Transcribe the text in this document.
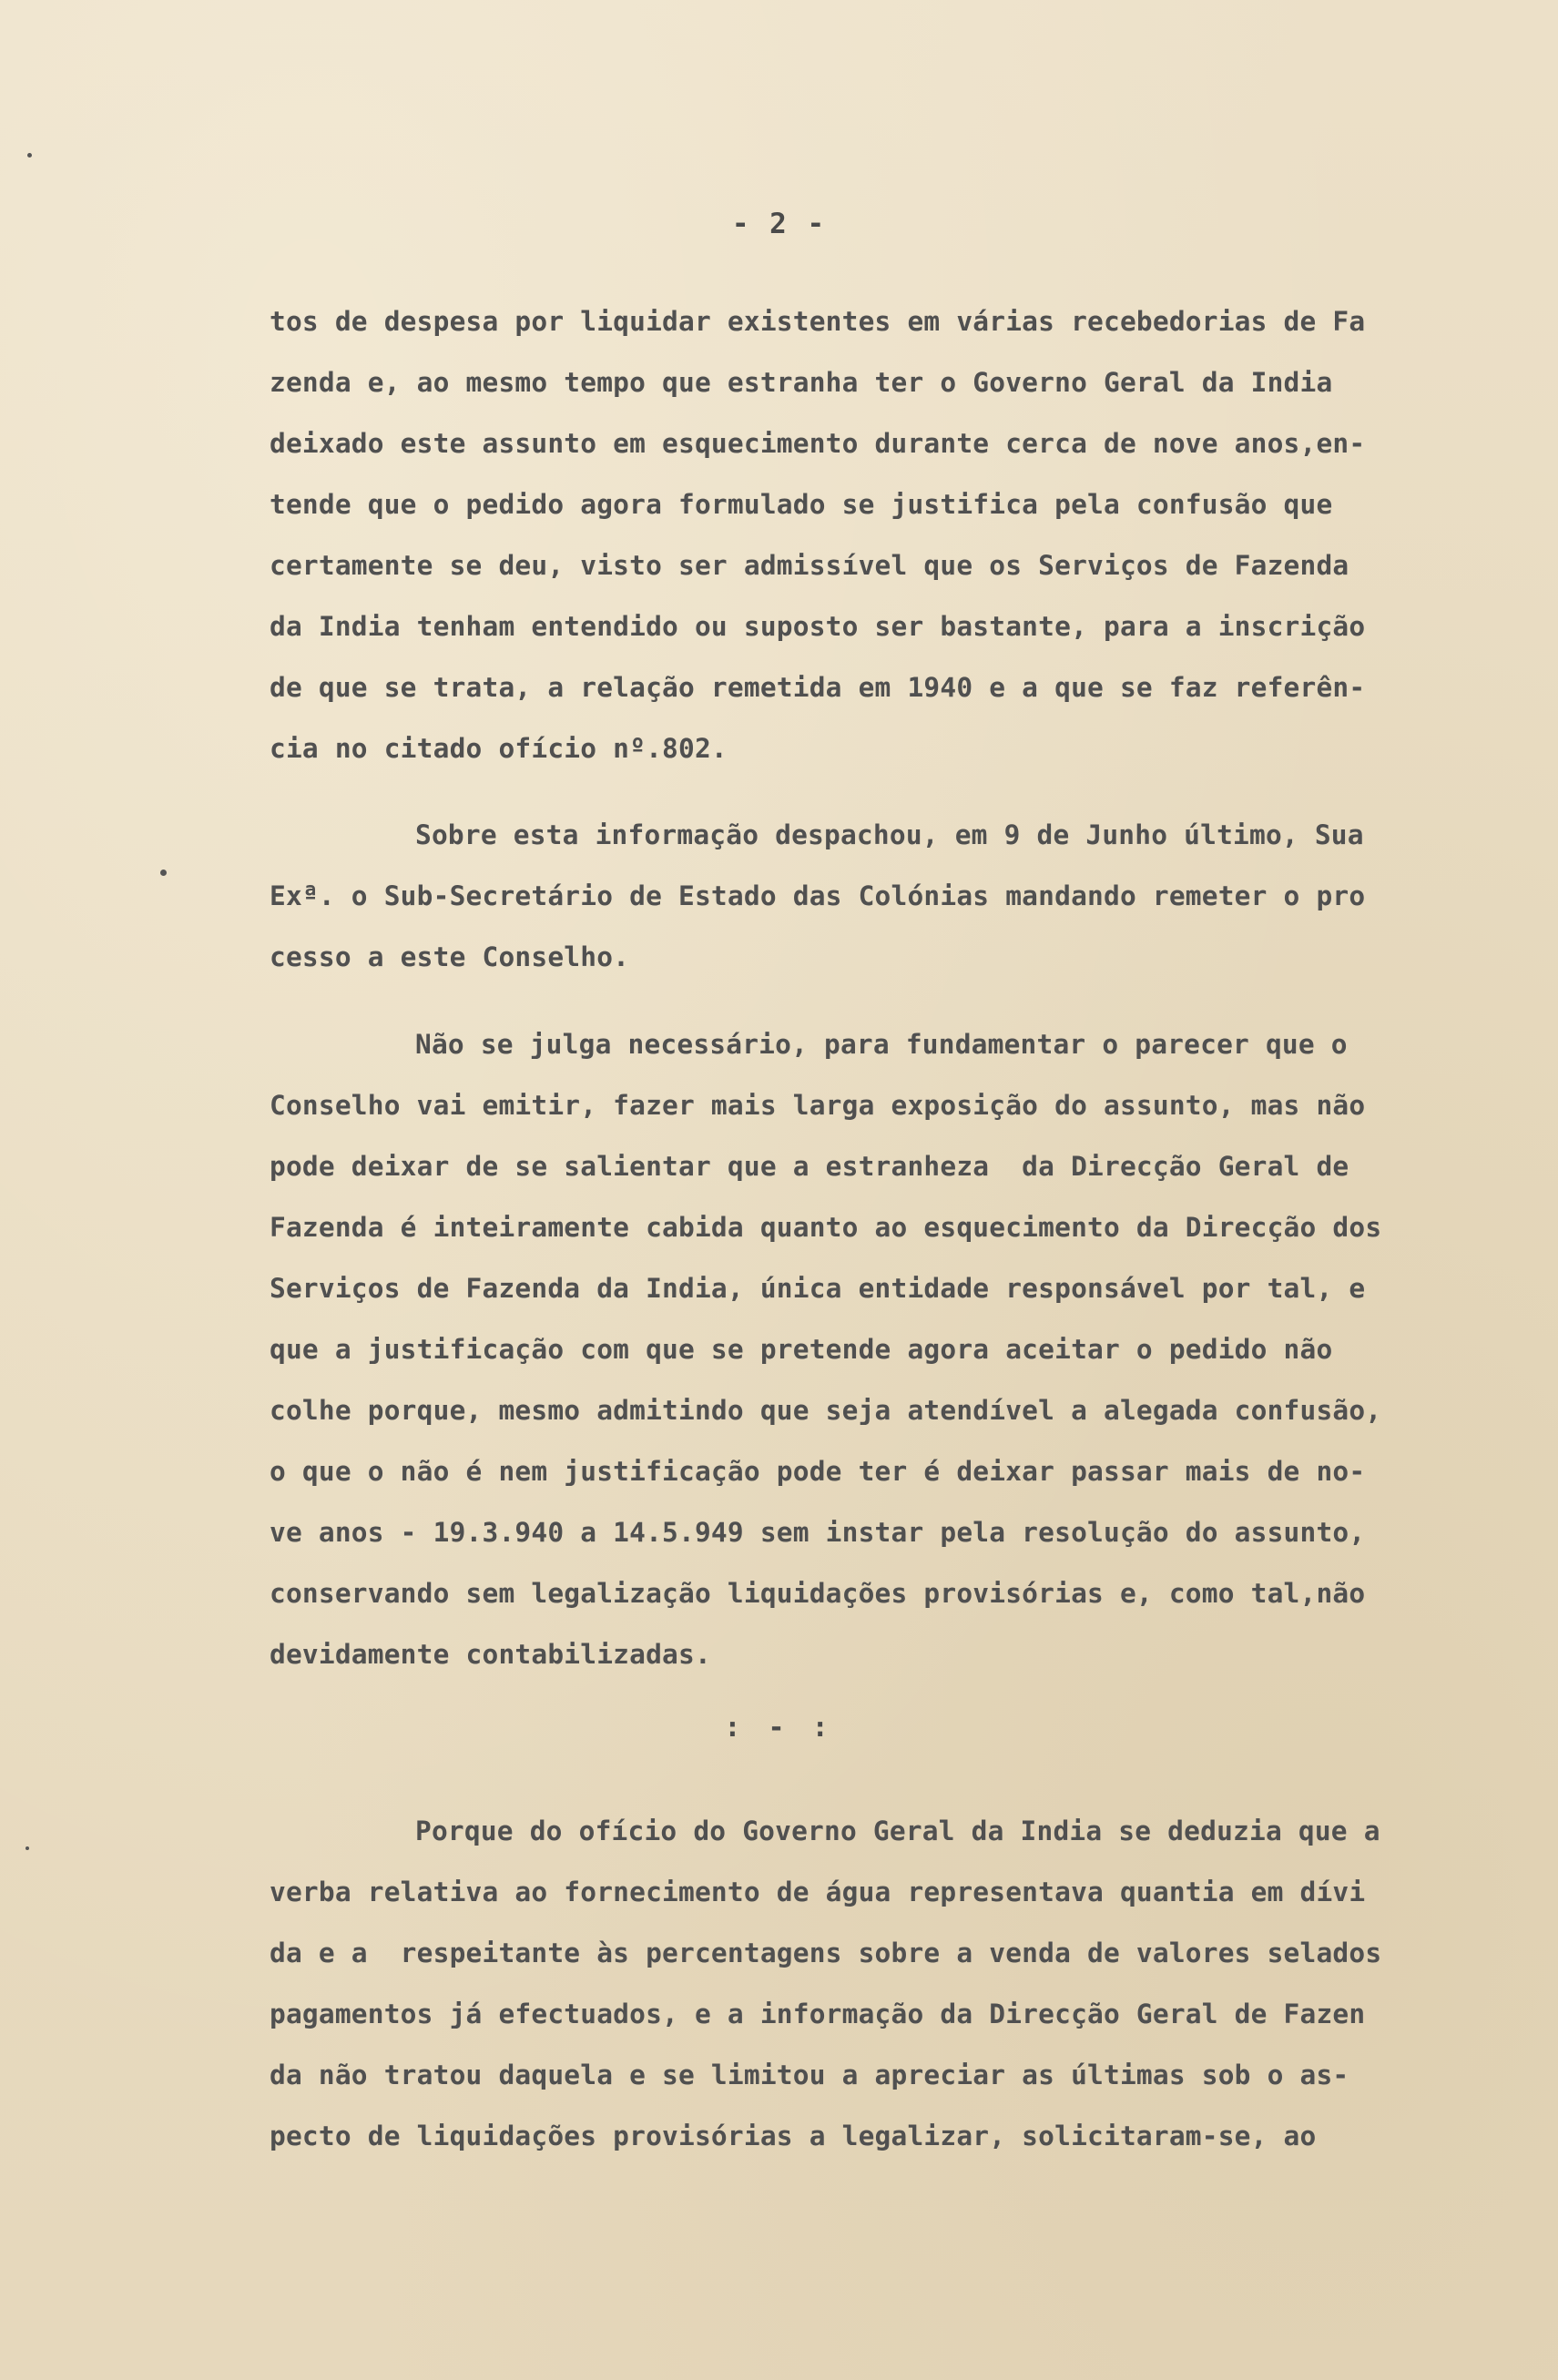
- 2 -
tos de despesa por liquidar existentes em várias recebedorias de Fa
zenda e, ao mesmo tempo que estranha ter o Governo Geral da India
deixado este assunto em esquecimento durante cerca de nove anos,en-
tende que o pedido agora formulado se justifica pela confusão que
certamente se deu, visto ser admissível que os Serviços de Fazenda
da India tenham entendido ou suposto ser bastante, para a inscrição
de que se trata, a relação remetida em 1940 e a que se faz referên-
cia no citado ofício nº.802.
Sobre esta informação despachou, em 9 de Junho último, Sua
Exª. o Sub-Secretário de Estado das Colónias mandando remeter o pro
cesso a este Conselho.
Não se julga necessário, para fundamentar o parecer que o
Conselho vai emitir, fazer mais larga exposição do assunto, mas não
pode deixar de se salientar que a estranheza  da Direcção Geral de
Fazenda é inteiramente cabida quanto ao esquecimento da Direcção dos
Serviços de Fazenda da India, única entidade responsável por tal, e
que a justificação com que se pretende agora aceitar o pedido não
colhe porque, mesmo admitindo que seja atendível a alegada confusão,
o que o não é nem justificação pode ter é deixar passar mais de no-
ve anos - 19.3.940 a 14.5.949 sem instar pela resolução do assunto,
conservando sem legalização liquidações provisórias e, como tal,não
devidamente contabilizadas.
: - :
Porque do ofício do Governo Geral da India se deduzia que a
verba relativa ao fornecimento de água representava quantia em dívi
da e a  respeitante às percentagens sobre a venda de valores selados
pagamentos já efectuados, e a informação da Direcção Geral de Fazen
da não tratou daquela e se limitou a apreciar as últimas sob o as-
pecto de liquidações provisórias a legalizar, solicitaram-se, ao
